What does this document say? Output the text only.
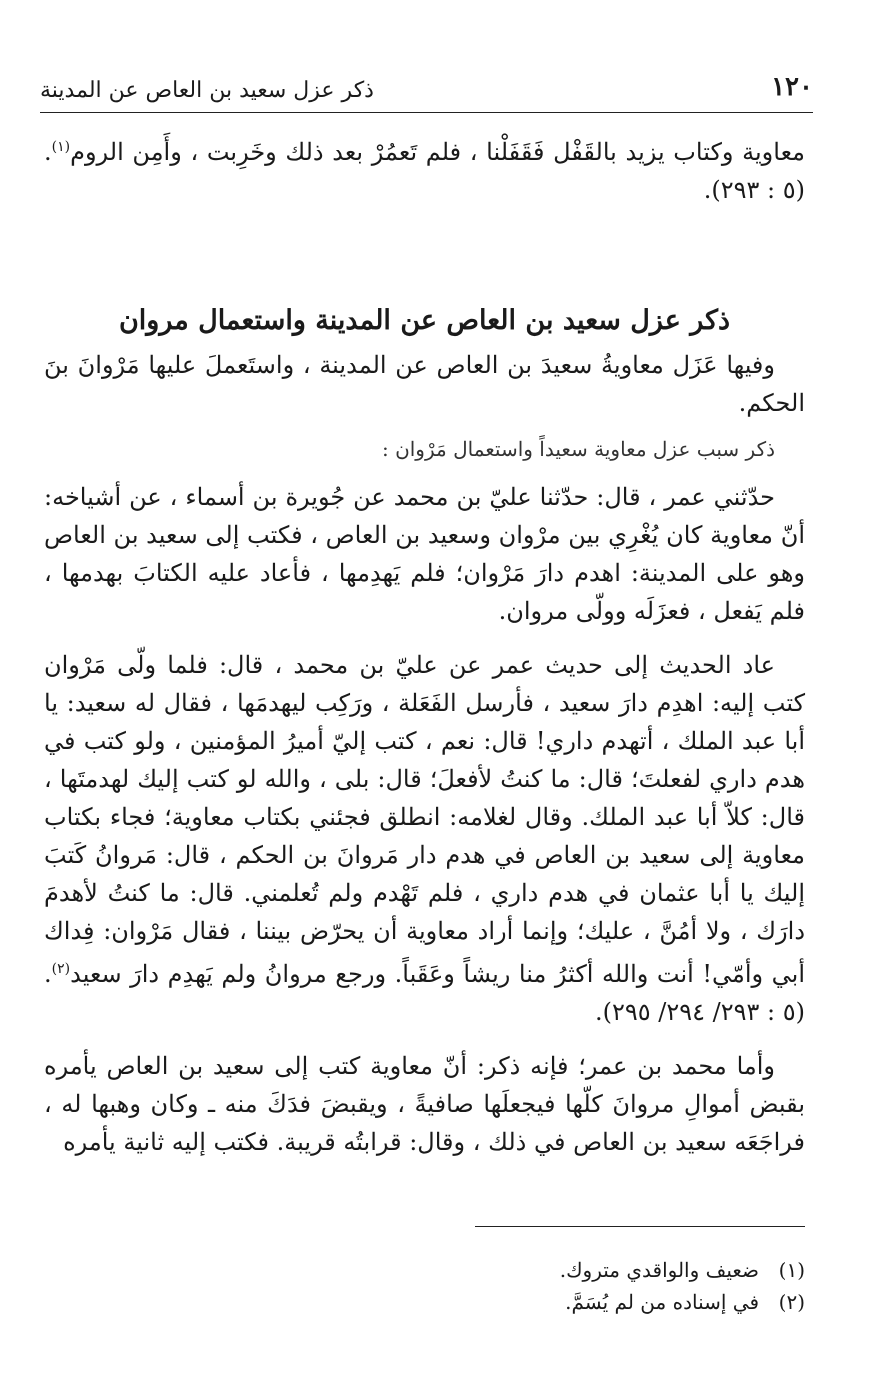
١٢٠
ذكر عزل سعيد بن العاص عن المدينة

معاوية وكتاب يزيد بالقَفْل فَقَفَلْنا ، فلم تَعمُرْ بعد ذلك وخَرِبت ، وأَمِن الروم$^{(١)}$. (٥ : ٢٩٣).

ذكر عزل سعيد بن العاص عن المدينة واستعمال مروان

وفيها عَزَل معاويةُ سعيدَ بن العاص عن المدينة ، واستَعملَ عليها مَرْوانَ بنَ الحكم.

ذكر سبب عزل معاوية سعيداً واستعمال مَرْوان :

حدّثني عمر ، قال: حدّثنا عليّ بن محمد عن جُويرة بن أسماء ، عن أشياخه: أنّ معاوية كان يُغْرِي بين مرْوان وسعيد بن العاص ، فكتب إلى سعيد بن العاص وهو على المدينة: اهدم دارَ مَرْوان؛ فلم يَهدِمها ، فأعاد عليه الكتابَ بهدمها ، فلم يَفعل ، فعزَلَه وولّى مروان.

عاد الحديث إلى حديث عمر عن عليّ بن محمد ، قال: فلما ولّى مَرْوان كتب إليه: اهدِم دارَ سعيد ، فأرسل الفَعَلة ، ورَكِب ليهدمَها ، فقال له سعيد: يا أبا عبد الملك ، أتهدم داري! قال: نعم ، كتب إليّ أميرُ المؤمنين ، ولو كتب في هدم داري لفعلتَ؛ قال: ما كنتُ لأفعلَ؛ قال: بلى ، والله لو كتب إليك لهدمتَها ، قال: كلاّ أبا عبد الملك. وقال لغلامه: انطلق فجئني بكتاب معاوية؛ فجاء بكتاب معاوية إلى سعيد بن العاص في هدم دار مَروانَ بن الحكم ، قال: مَروانُ كَتبَ إليك يا أبا عثمان في هدم داري ، فلم تَهْدم ولم تُعلمني. قال: ما كنتُ لأهدمَ دارَك ، ولا أمُنَّ ، عليك؛ وإنما أراد معاوية أن يحرّض بيننا ، فقال مَرْوان: فِداك أبي وأمّي! أنت والله أكثرُ منا ريشاً وعَقَباً. ورجع مروانُ ولم يَهدِم دارَ سعيد$^{(٢)}$. (٥ : ٢٩٣/ ٢٩٤/ ٢٩٥).

وأما محمد بن عمر؛ فإنه ذكر: أنّ معاوية كتب إلى سعيد بن العاص يأمره بقبض أموالِ مروانَ كلّها فيجعلَها صافيةً ، ويقبضَ فدَكَ منه ـ وكان وهبها له ، فراجَعَه سعيد بن العاص في ذلك ، وقال: قرابتُه قريبة. فكتب إليه ثانية يأمره

(١)ضعيف والواقدي متروك.
(٢)في إسناده من لم يُسَمَّ.
